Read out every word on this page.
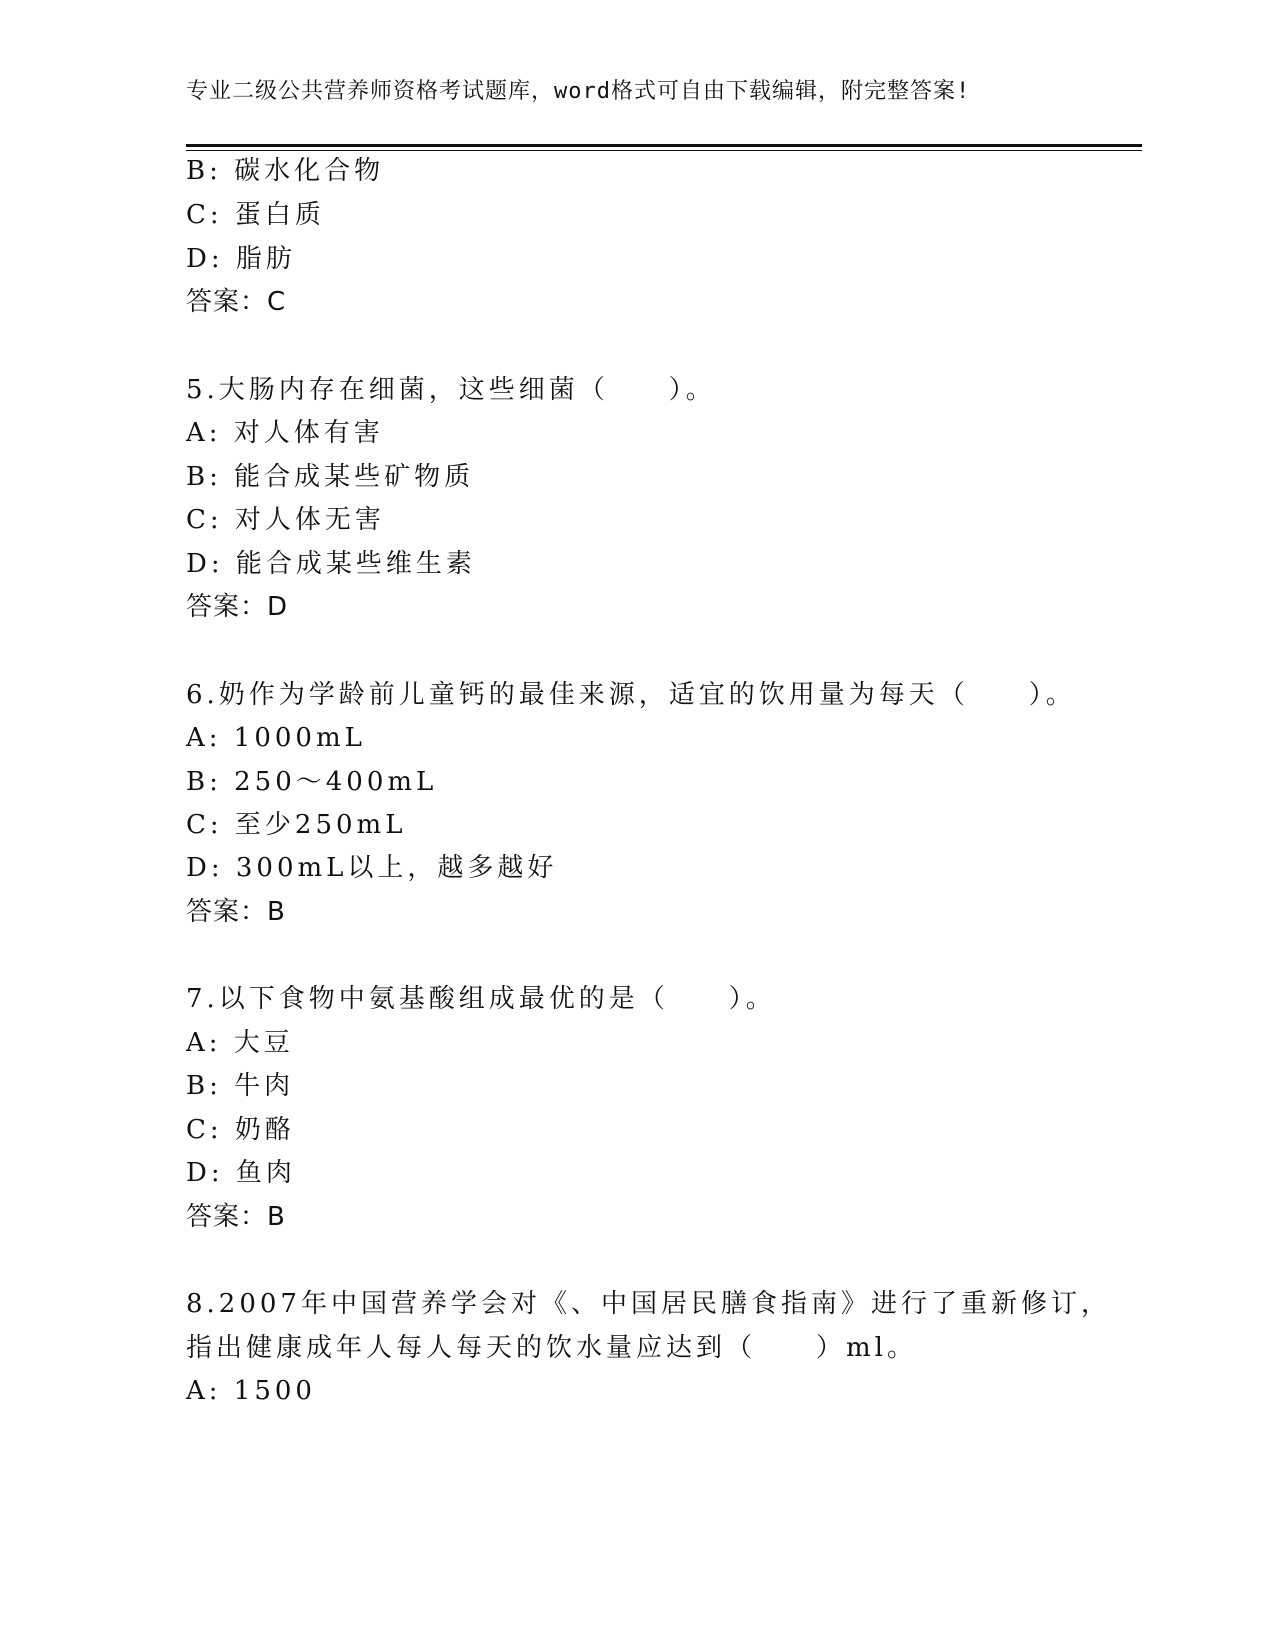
专业二级公共营养师资格考试题库，word格式可自由下载编辑，附完整答案!
B: 碳水化合物
C: 蛋白质
D: 脂肪
答案：C
5.大肠内存在细菌，这些细菌（　　）。
A: 对人体有害
B: 能合成某些矿物质
C: 对人体无害
D: 能合成某些维生素
答案：D
6.奶作为学龄前儿童钙的最佳来源，适宜的饮用量为每天（　　）。
A: 1000mL
B: 250～400mL
C: 至少250mL
D: 300mL以上，越多越好
答案：B
7.以下食物中氨基酸组成最优的是（　　）。
A: 大豆
B: 牛肉
C: 奶酪
D: 鱼肉
答案：B
8.2007年中国营养学会对《、中国居民膳食指南》进行了重新修订，
指出健康成年人每人每天的饮水量应达到（　　）ml。
A: 1500
